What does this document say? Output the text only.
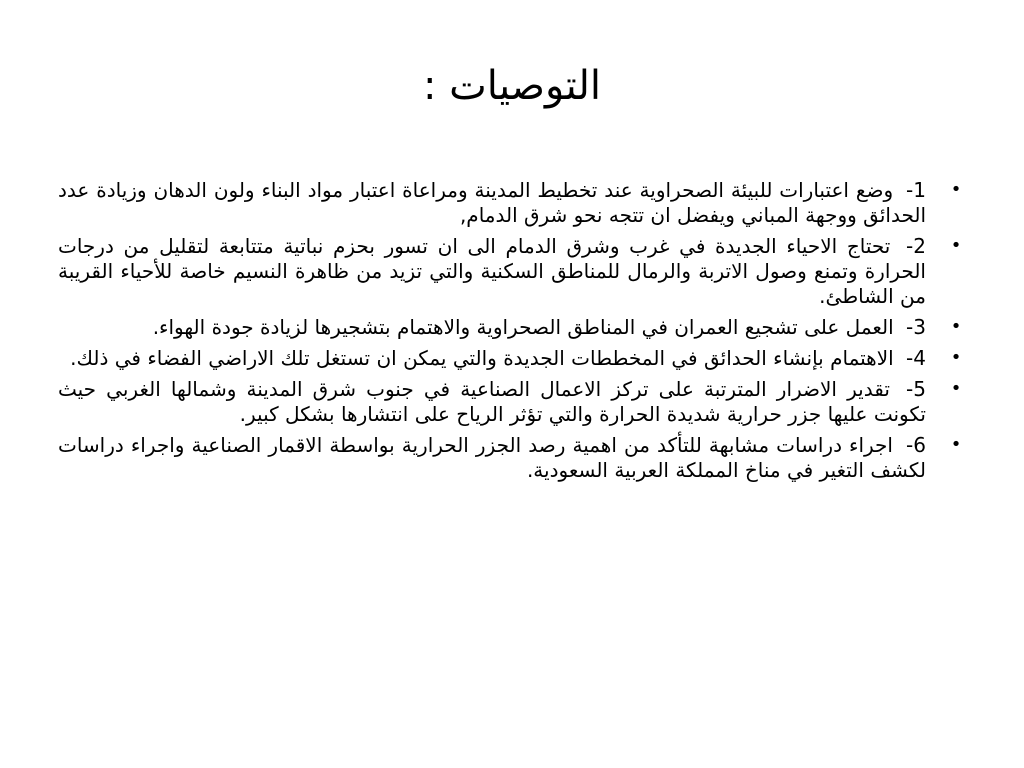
التوصيات :
•
1- وضع اعتبارات للبيئة الصحراوية عند تخطيط المدينة ومراعاة اعتبار مواد البناء ولون الدهان وزيادة عدد الحدائق ووجهة المباني ويفضل ان تتجه نحو شرق الدمام,
•
2- تحتاج الاحياء الجديدة في غرب وشرق الدمام الى ان تسور بحزم نباتية متتابعة لتقليل من درجات الحرارة وتمنع وصول الاتربة والرمال للمناطق السكنية والتي تزيد من ظاهرة النسيم خاصة للأحياء القريبة من الشاطئ.
•
3- العمل على تشجيع العمران في المناطق الصحراوية والاهتمام بتشجيرها لزيادة جودة الهواء.
•
4- الاهتمام بإنشاء الحدائق في المخططات الجديدة والتي يمكن ان تستغل تلك الاراضي الفضاء في ذلك.
•
5- تقدير الاضرار المترتبة على تركز الاعمال الصناعية في جنوب شرق المدينة وشمالها الغربي حيث تكونت عليها جزر حرارية شديدة الحرارة والتي تؤثر الرياح على انتشارها بشكل كبير.
•
6- اجراء دراسات مشابهة للتأكد من اهمية رصد الجزر الحرارية بواسطة الاقمار الصناعية واجراء دراسات لكشف التغير في مناخ المملكة العربية السعودية.
